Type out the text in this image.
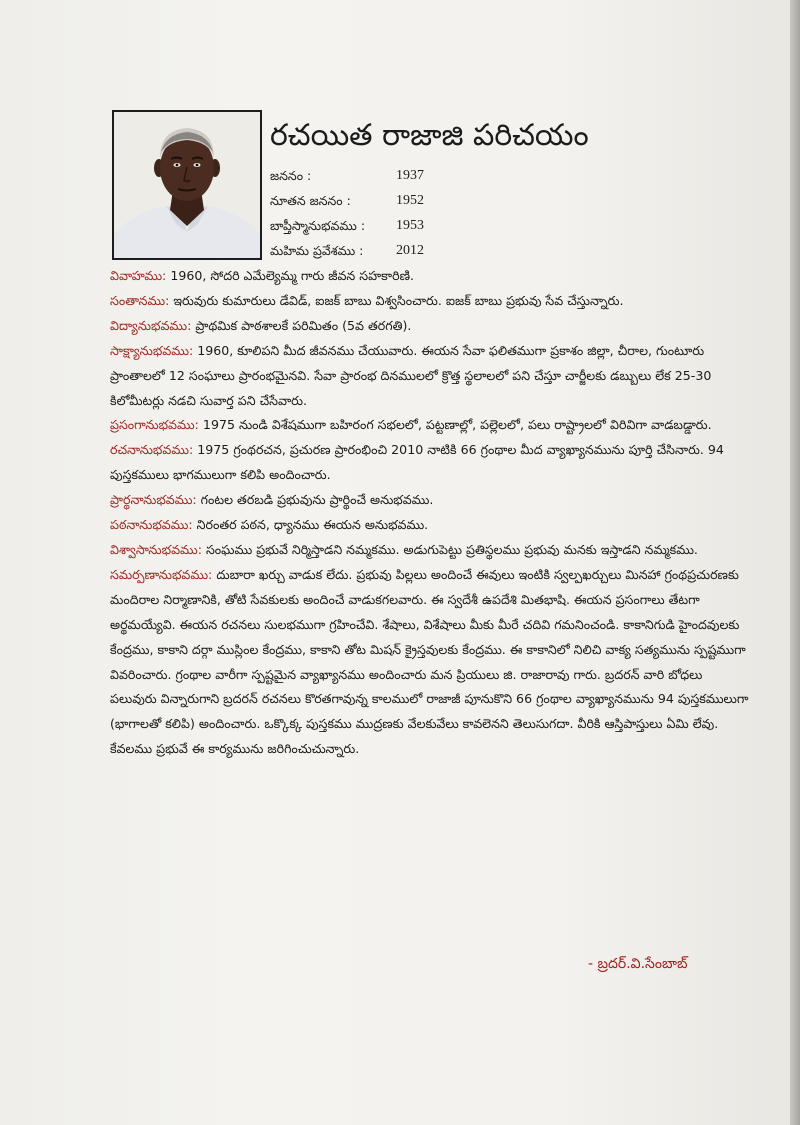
రచయిత రాజాజి పరిచయం
జననం :	1937
నూతన జననం :	1952
బాప్తీస్మానుభవము : 1953
మహిమ ప్రవేశము : 2012

వివాహము: 1960, సోదరి ఎమేల్యెమ్మ గారు జీవన సహకారిణి.

సంతానము: ఇరువురు కుమారులు డేవిడ్, ఐజక్ బాబు విశ్వసించారు. ఐజక్ బాబు ప్రభువు సేవ చేస్తున్నారు.

విద్యానుభవము: ప్రాథమిక పాఠశాలకే పరిమితం (5వ తరగతి).

సాక్ష్యానుభవము: 1960, కూలిపని మీద జీవనము చేయువారు. ఈయన సేవా ఫలితముగా ప్రకాశం జిల్లా, చీరాల, గుంటూరు ప్రాంతాలలో 12 సంఘాలు ప్రారంభమైనవి. సేవా ప్రారంభ దినములలో క్రొత్త స్థలాలలో పని చేస్తూ చార్జీలకు డబ్బులు లేక 25-30 కిలోమీటర్లు నడచి సువార్త పని చేసేవారు.

ప్రసంగానుభవము: 1975 నుండి విశేషముగా బహిరంగ సభలలో, పట్టణాల్లో, పల్లెలలో, పలు రాష్ట్రాలలో విరివిగా వాడబడ్డారు.

రచనానుభవము: 1975 గ్రంథరచన, ప్రచురణ ప్రారంభించి 2010 నాటికి 66 గ్రంథాల మీద వ్యాఖ్యానమును పూర్తి చేసినారు. 94 పుస్తకములు భాగములుగా కలిపి అందించారు.

ప్రార్థనానుభవము: గంటల తరబడి ప్రభువును ప్రార్థించే అనుభవము.

పఠనానుభవము: నిరంతర పఠన, ధ్యానము ఈయన అనుభవము.

విశ్వాసానుభవము: సంఘము ప్రభువే నిర్మిస్తాడని నమ్మకము. అడుగుపెట్టు ప్రతిస్థలము ప్రభువు మనకు ఇస్తాడని నమ్మకము.

సమర్పణానుభవము: దుబారా ఖర్చు వాడుక లేదు. ప్రభువు పిల్లలు అందించే ఈవులు ఇంటికి స్వల్పఖర్చులు మినహా గ్రంథప్రచురణకు మందిరాల నిర్మాణానికి, తోటి సేవకులకు అందించే వాడుకగలవారు. ఈ స్వదేశీ ఉపదేశి మితభాషి. ఈయన ప్రసంగాలు తేటగా అర్థమయ్యేవి. ఈయన రచనలు సులభముగా గ్రహించేవి. శేషాలు, విశేషాలు మీకు మీరే చదివి గమనించండి. కాకానిగుడి హైందవులకు కేంద్రము, కాకాని దర్గా ముస్లింల కేంద్రము, కాకాని తోట మిషన్ క్రైస్తవులకు కేంద్రము. ఈ కాకానిలో నిలిచి వాక్య సత్యమును స్పష్టముగా వివరించారు. గ్రంథాల వారీగా స్పష్టమైన వ్యాఖ్యానము అందించారు మన ప్రియులు జి. రాజారావు గారు. బ్రదరన్ వారి బోధలు పలువురు విన్నారుగాని బ్రదరన్ రచనలు కొరతగావున్న కాలములో రాజాజీ పూనుకొని 66 గ్రంథాల వ్యాఖ్యానమును 94 పుస్తకములుగా (భాగాలతో కలిపి) అందించారు. ఒక్కొక్క పుస్తకము ముద్రణకు వేలకువేలు కావలెనని తెలుసుగదా. వీరికి ఆస్తిపాస్తులు ఏమి లేవు. కేవలము ప్రభువే ఈ కార్యమును జరిగించుచున్నారు.

- బ్రదర్.వి.సేంబాబ్
